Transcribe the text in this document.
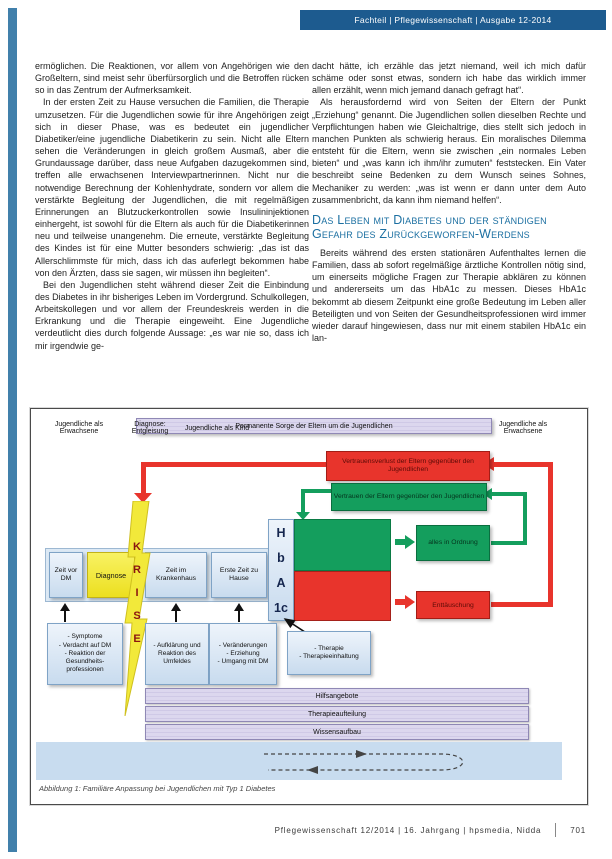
Fachteil | Pflegewissenschaft | Ausgabe 12-2014

ermöglichen. Die Reaktionen, vor allem von Angehörigen wie den Großeltern, sind meist sehr überfürsorglich und die Betroffen rücken so in das Zentrum der Aufmerksamkeit.

In der ersten Zeit zu Hause versuchen die Familien, die Therapie umzusetzen. Für die Jugendlichen sowie für ihre Angehörigen zeigt sich in dieser Phase, was es bedeutet ein jugendlicher Diabetiker/eine jugendliche Diabetikerin zu sein. Nicht alle Eltern sehen die Veränderungen in gleich großem Ausmaß, aber die Grundaussage darüber, dass neue Aufgaben dazugekommen sind, treffen alle erwachsenen Interviewpartnerinnen. Nicht nur die notwendige Berechnung der Kohlenhydrate, sondern vor allem die verstärkte Begleitung der Jugendlichen, die mit regelmäßigen Erinnerungen an Blutzuckerkontrollen sowie Insulininjektionen einhergeht, ist sowohl für die Eltern als auch für die Diabetikerinnen neu und teilweise unangenehm. Die erneute, verstärkte Begleitung des Kindes ist für eine Mutter besonders schwierig: „das ist das Allerschlimmste für mich, dass ich das auferlegt bekommen habe von den Ärzten, dass sie sagen, wir müssen ihn begleiten“.

Bei den Jugendlichen steht während dieser Zeit die Einbindung des Diabetes in ihr bisheriges Leben im Vordergrund. Schulkollegen, Arbeitskollegen und vor allem der Freundeskreis werden in die Erkrankung und die Therapie eingeweiht. Eine Jugendliche verdeutlicht dies durch folgende Aussage: „es war nie so, dass ich mir irgendwie ge-

dacht hätte, ich erzähle das jetzt niemand, weil ich mich dafür schäme oder sonst etwas, sondern ich habe das wirklich immer allen erzählt, wenn mich jemand danach gefragt hat“.

Als herausfordernd wird von Seiten der Eltern der Punkt „Erziehung“ genannt. Die Jugendlichen sollen dieselben Rechte und Verpflichtungen haben wie Gleichaltrige, dies stellt sich jedoch in manchen Punkten als schwierig heraus. Ein moralisches Dilemma entsteht für die Eltern, wenn sie zwischen „ein normales Leben bieten“ und „was kann ich ihm/ihr zumuten“ feststecken. Ein Vater beschreibt seine Bedenken zu dem Wunsch seines Sohnes, Mechaniker zu werden: „was ist wenn er dann unter dem Auto zusammenbricht, da kann ihm niemand helfen“.

Das Leben mit Diabetes und der ständigen Gefahr des Zurückgeworfen-Werdens

Bereits während des ersten stationären Aufenthaltes lernen die Familien, dass ab sofort regelmäßige ärztliche Kontrollen nötig sind, um einerseits mögliche Fragen zur Therapie abklären zu können und andererseits um das HbA1c zu messen. Dieses HbA1c bekommt ab diesem Zeitpunkt eine große Bedeutung im Leben aller Beteiligten und von Seiten der Gesundheitsprofessionen wird immer wieder darauf hingewiesen, dass nur mit einem stabilen HbA1c ein lan-

Permanente Sorge der Eltern um die Jugendlichen
Vertrauensverlust der Eltern gegenüber den Jugendlichen
Vertrauen der Eltern gegenüber den Jugendlichen
Zeit vor DM	Diagnose	Zeit im Krankenhaus
Erste Zeit zu Hause
K
R
I
S
E
H
b
A
1c
alles in Ordnung
Enttäuschung
- Symptome
- Verdacht auf DM
- Reaktion der Gesundheits-professionen
- Aufklärung und Reaktion des Umfeldes
- Veränderungen
- Erziehung
- Umgang mit DM
- Therapie
- Therapieeinhaltung
Hilfsangebote
Therapieaufteilung
Wissensaufbau
Jugendliche als Erwachsene
Diagnose: Entgleisung	Jugendliche als Kind	Jugendliche als Erwachsene
Abbildung 1: Familiäre Anpassung bei Jugendlichen mit Typ 1 Diabetes
Pflegewissenschaft 12/2014 | 16. Jahrgang | hpsmedia, Nidda	701
